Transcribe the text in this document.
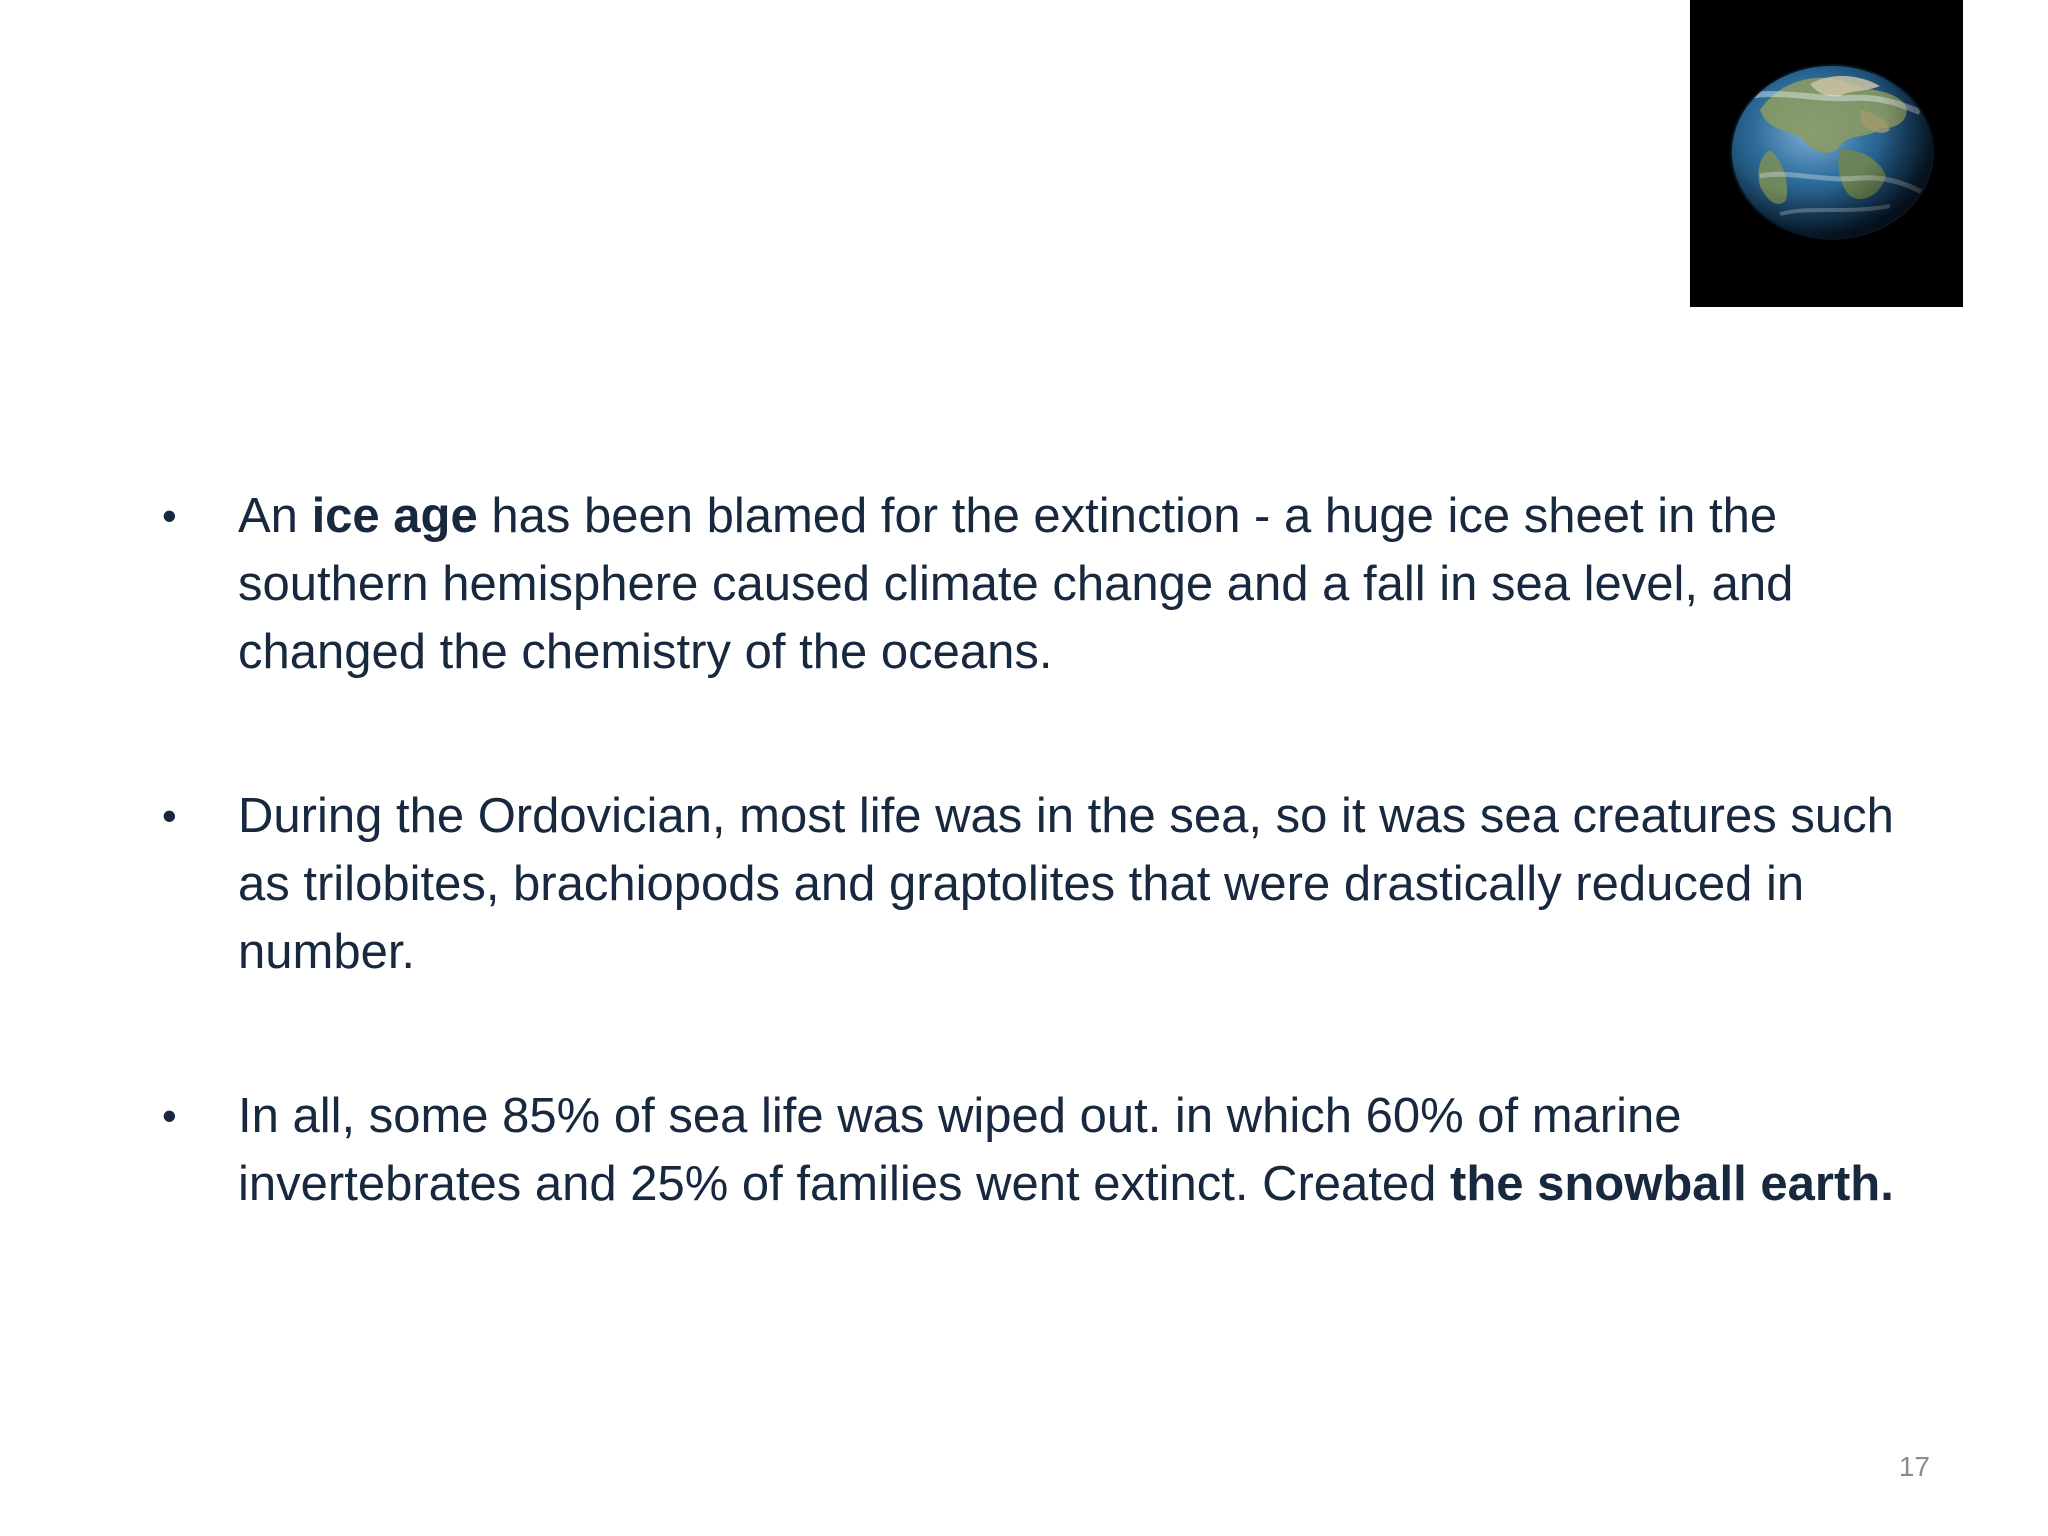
• An ice age has been blamed for the extinction - a huge ice sheet in the southern hemisphere caused climate change and a fall in sea level, and changed the chemistry of the oceans.
• During the Ordovician, most life was in the sea, so it was sea creatures such as trilobites, brachiopods and graptolites that were drastically reduced in number.
• In all, some 85% of sea life was wiped out. in which 60% of marine invertebrates and 25% of families went extinct. Created the snowball earth.
17
